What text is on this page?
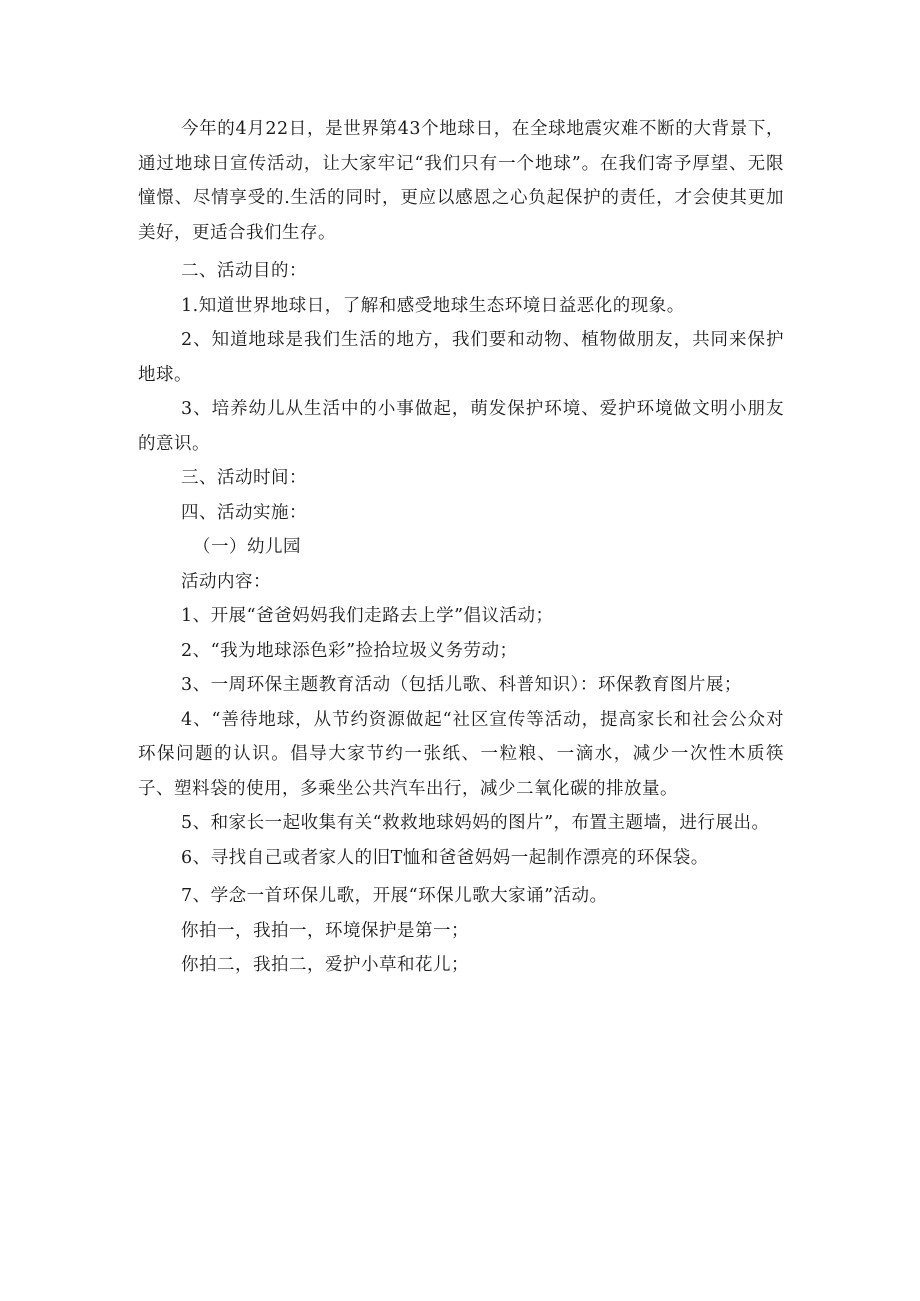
今年的4月22日，是世界第43个地球日，在全球地震灾难不断的大背景下，通过地球日宣传活动，让大家牢记“我们只有一个地球”。在我们寄予厚望、无限憧憬、尽情享受的.生活的同时，更应以感恩之心负起保护的责任，才会使其更加美好，更适合我们生存。

二、活动目的：

1.知道世界地球日，了解和感受地球生态环境日益恶化的现象。

2、知道地球是我们生活的地方，我们要和动物、植物做朋友，共同来保护地球。

3、培养幼儿从生活中的小事做起，萌发保护环境、爱护环境做文明小朋友的意识。

三、活动时间：

四、活动实施：

（一）幼儿园

活动内容：

1、开展“爸爸妈妈我们走路去上学”倡议活动；

2、“我为地球添色彩”捡拾垃圾义务劳动；

3、一周环保主题教育活动（包括儿歌、科普知识）：环保教育图片展；

4、“善待地球，从节约资源做起“社区宣传等活动，提高家长和社会公众对环保问题的认识。倡导大家节约一张纸、一粒粮、一滴水，减少一次性木质筷子、塑料袋的使用，多乘坐公共汽车出行，减少二氧化碳的排放量。

5、和家长一起收集有关“救救地球妈妈的图片”，布置主题墙，进行展出。

6、寻找自己或者家人的旧T恤和爸爸妈妈一起制作漂亮的环保袋。

7、学念一首环保儿歌，开展“环保儿歌大家诵”活动。

你拍一，我拍一，环境保护是第一；

你拍二，我拍二，爱护小草和花儿；
